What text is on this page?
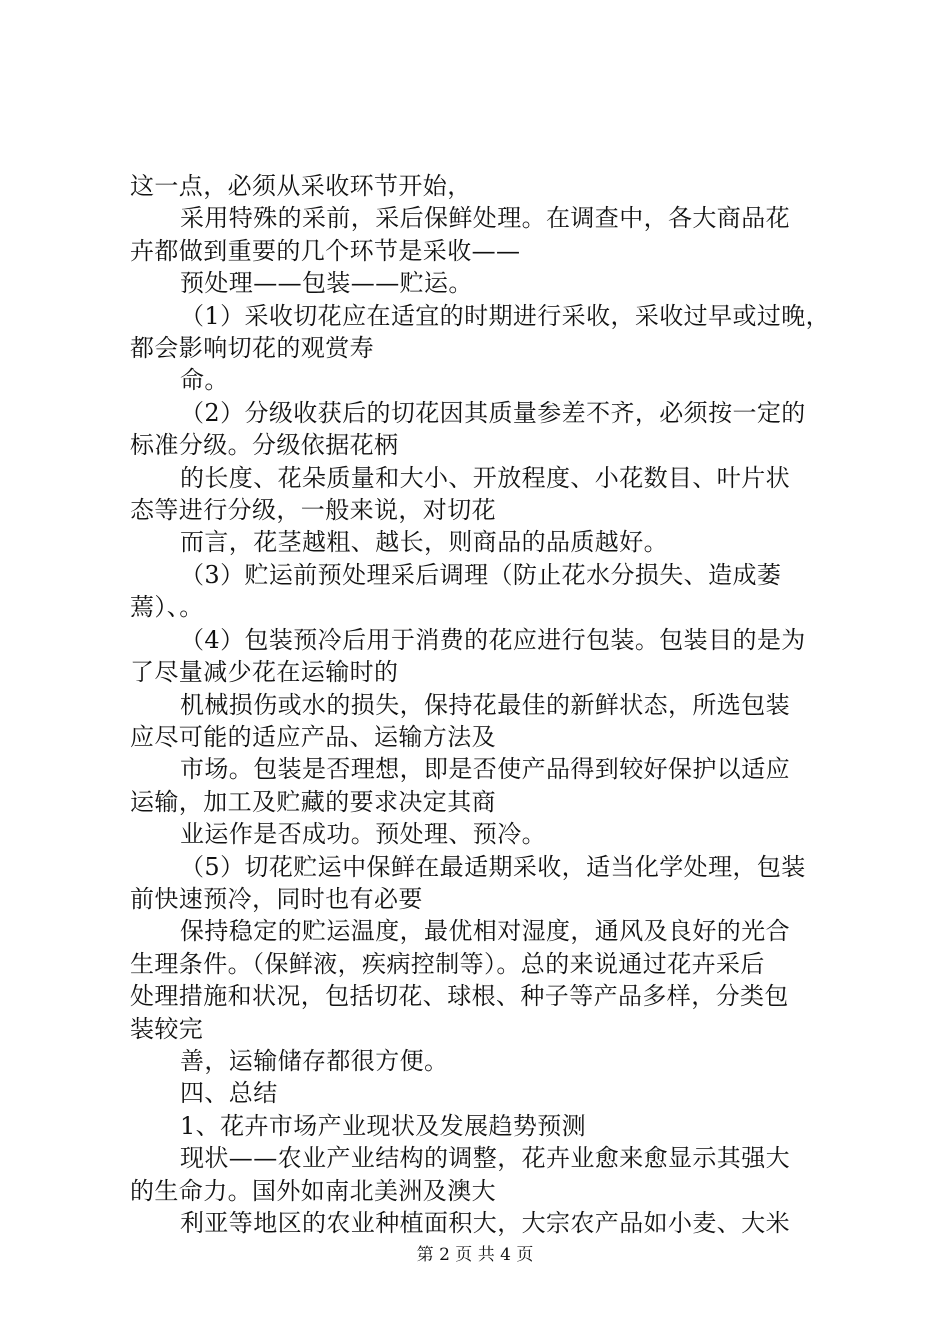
这一点，必须从采收环节开始，
采用特殊的采前，采后保鲜处理。在调查中，各大商品花
卉都做到重要的几个环节是采收——
预处理——包装——贮运。
（1）采收切花应在适宜的时期进行采收，采收过早或过晚，
都会影响切花的观赏寿
命。
（2）分级收获后的切花因其质量参差不齐，必须按一定的
标准分级。分级依据花柄
的长度、花朵质量和大小、开放程度、小花数目、叶片状
态等进行分级，一般来说，对切花
而言，花茎越粗、越长，则商品的品质越好。
（3）贮运前预处理采后调理（防止花水分损失、造成萎
蔫）、。
（4）包装预冷后用于消费的花应进行包装。包装目的是为
了尽量减少花在运输时的
机械损伤或水的损失，保持花最佳的新鲜状态，所选包装
应尽可能的适应产品、运输方法及
市场。包装是否理想，即是否使产品得到较好保护以适应
运输，加工及贮藏的要求决定其商
业运作是否成功。预处理、预冷。
（5）切花贮运中保鲜在最适期采收，适当化学处理，包装
前快速预冷，同时也有必要
保持稳定的贮运温度，最优相对湿度，通风及良好的光合
生理条件。（保鲜液，疾病控制等）。总的来说通过花卉采后
处理措施和状况，包括切花、球根、种子等产品多样，分类包
装较完
善，运输储存都很方便。
四、总结
1、花卉市场产业现状及发展趋势预测
现状——农业产业结构的调整，花卉业愈来愈显示其强大
的生命力。国外如南北美洲及澳大
利亚等地区的农业种植面积大，大宗农产品如小麦、大米
第 2 页 共 4 页
